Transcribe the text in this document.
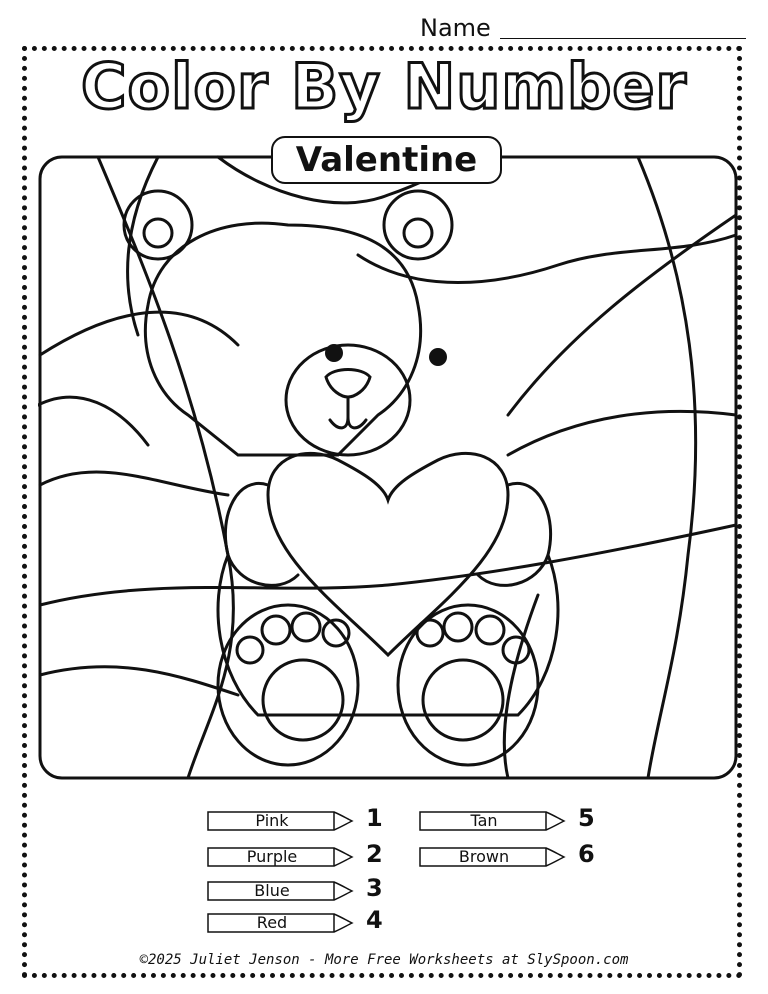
Name
Color By Number
Valentine
Pink	1
Purple	2
Blue	3
Red	4
Tan	5
Brown	6
©2025 Juliet Jenson - More Free Worksheets at SlySpoon.com
